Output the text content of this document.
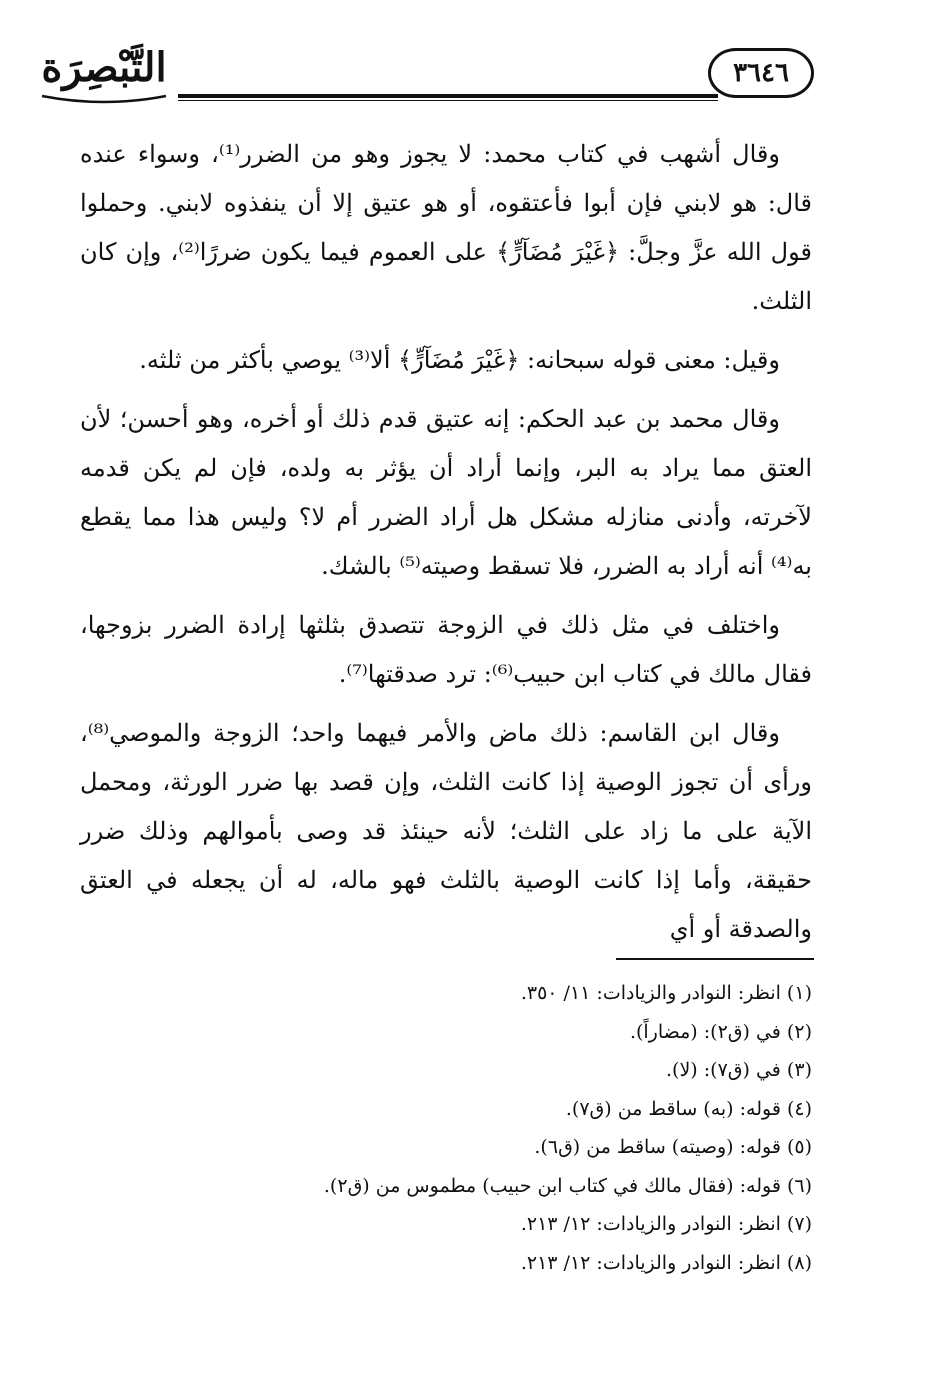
التَّبْصِرَة	٣٦٤٦

وقال أشهب في كتاب محمد: لا يجوز وهو من الضرر⁽¹⁾، وسواء عنده قال: هو لابني فإن أبوا فأعتقوه، أو هو عتيق إلا أن ينفذوه لابني. وحملوا قول الله عزَّ وجلَّ: ﴿غَيْرَ مُضَآرٍّ﴾ على العموم فيما يكون ضررًا⁽²⁾، وإن كان الثلث.

وقيل: معنى قوله سبحانه: ﴿غَيْرَ مُضَآرٍّ﴾ ألا⁽³⁾ يوصي بأكثر من ثلثه.

وقال محمد بن عبد الحكم: إنه عتيق قدم ذلك أو أخره، وهو أحسن؛ لأن العتق مما يراد به البر، وإنما أراد أن يؤثر به ولده، فإن لم يكن قدمه لآخرته، وأدنى منازله مشكل هل أراد الضرر أم لا؟ وليس هذا مما يقطع به⁽⁴⁾ أنه أراد به الضرر، فلا تسقط وصيته⁽⁵⁾ بالشك.

واختلف في مثل ذلك في الزوجة تتصدق بثلثها إرادة الضرر بزوجها، فقال مالك في كتاب ابن حبيب⁽⁶⁾: ترد صدقتها⁽⁷⁾.

وقال ابن القاسم: ذلك ماض والأمر فيهما واحد؛ الزوجة والموصي⁽⁸⁾، ورأى أن تجوز الوصية إذا كانت الثلث، وإن قصد بها ضرر الورثة، ومحمل الآية على ما زاد على الثلث؛ لأنه حينئذ قد وصى بأموالهم وذلك ضرر حقيقة، وأما إذا كانت الوصية بالثلث فهو ماله، له أن يجعله في العتق والصدقة أو أي

(١) انظر: النوادر والزيادات: ١١/ ٣٥٠.
(٢) في (ق٢): (مضاراً).
(٣) في (ق٧): (لا).
(٤) قوله: (به) ساقط من (ق٧).
(٥) قوله: (وصيته) ساقط من (ق٦).
(٦) قوله: (فقال مالك في كتاب ابن حبيب) مطموس من (ق٢).
(٧) انظر: النوادر والزيادات: ١٢/ ٢١٣.
(٨) انظر: النوادر والزيادات: ١٢/ ٢١٣.
